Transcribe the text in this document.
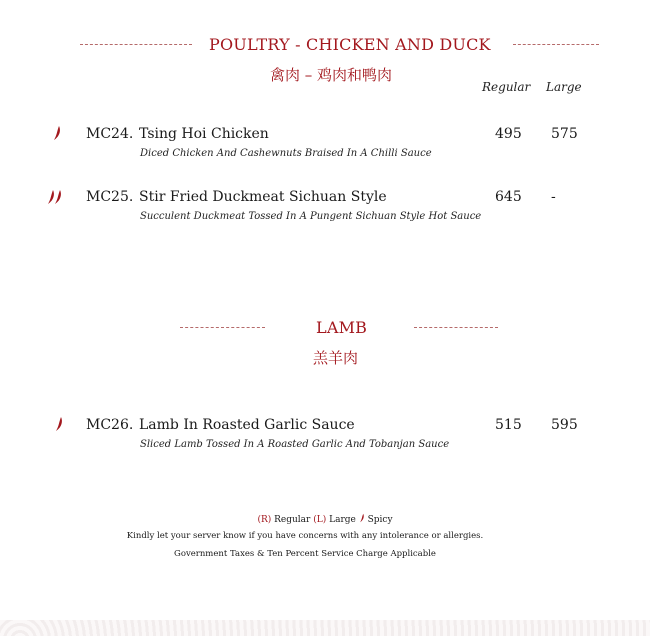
POULTRY - CHICKEN AND DUCK
禽肉 – 鸡肉和鸭肉
Regular Large
MC24. Tsing Hoi Chicken
Diced Chicken And Cashewnuts Braised In A Chilli Sauce
495 575
MC25. Stir Fried Duckmeat Sichuan Style
Succulent Duckmeat Tossed In A Pungent Sichuan Style Hot Sauce
645 -
LAMB
羔羊肉
MC26. Lamb In Roasted Garlic Sauce
Sliced Lamb Tossed In A Roasted Garlic And Tobanjan Sauce
515 595
(R) Regular (L) Large Spicy
Kindly let your server know if you have concerns with any intolerance or allergies.
Government Taxes & Ten Percent Service Charge Applicable
